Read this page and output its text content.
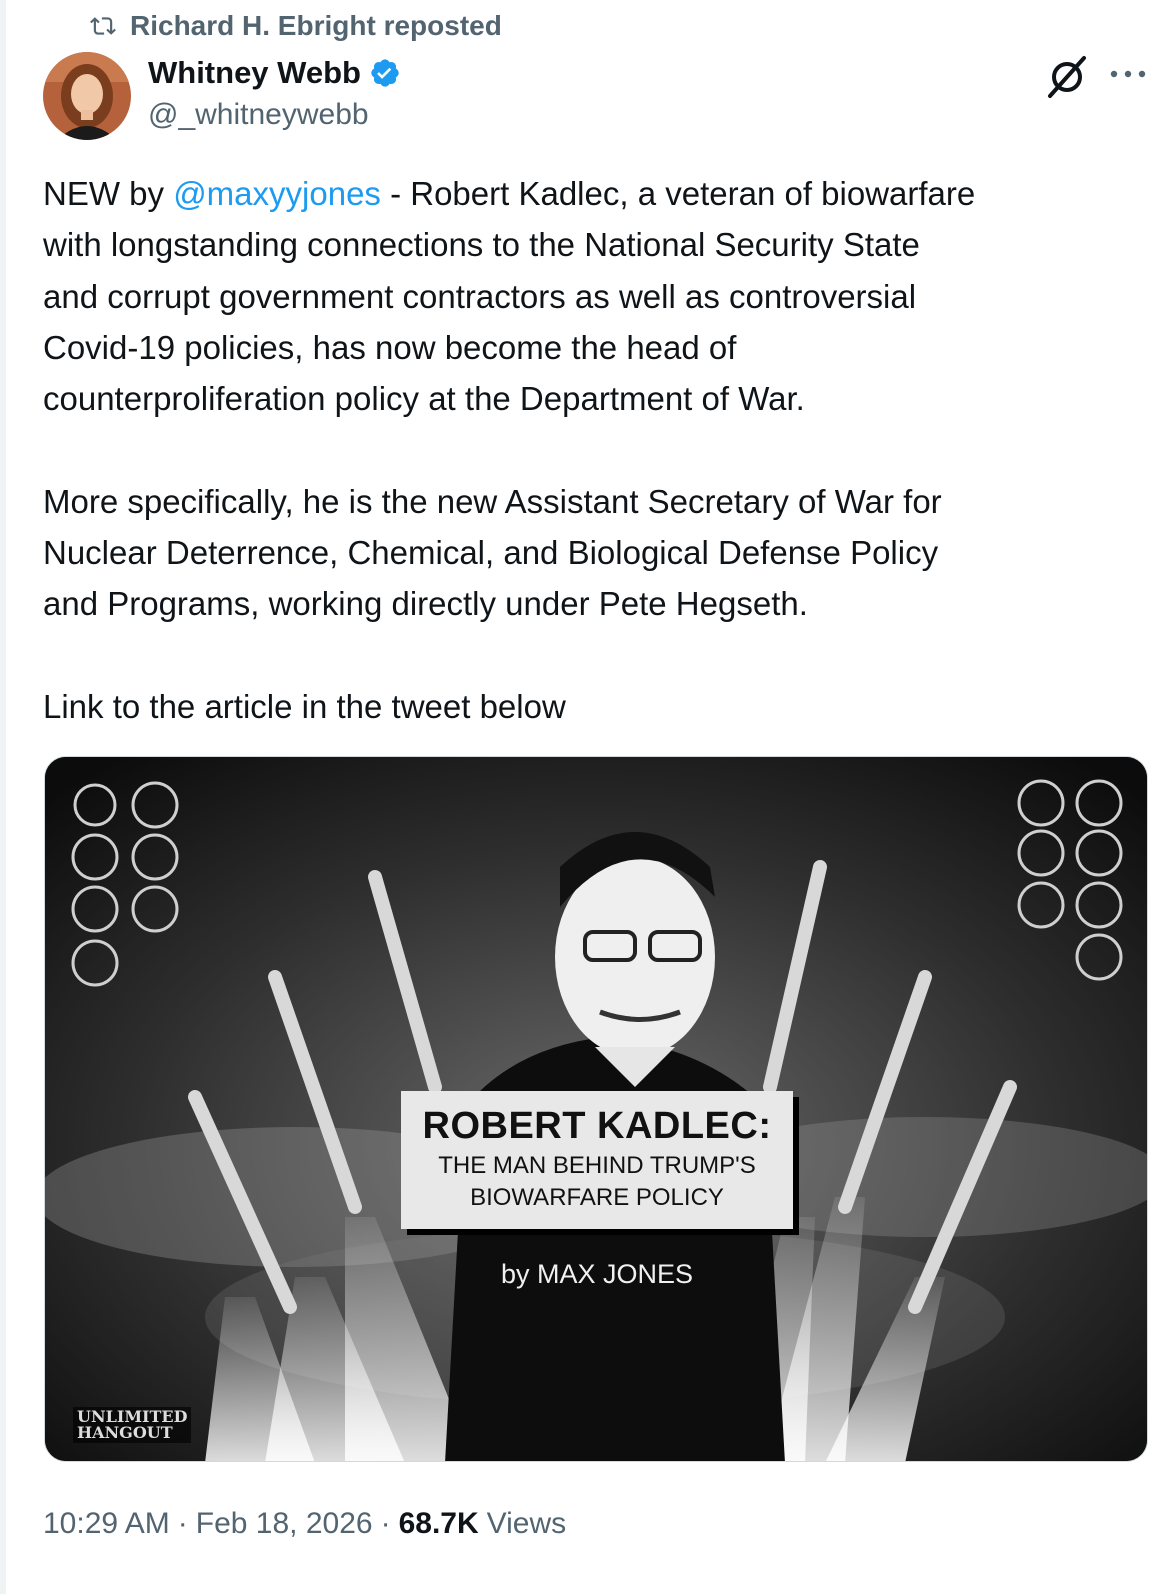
Richard H. Ebright reposted
Whitney Webb
@_whitneywebb

NEW by @maxyyjones - Robert Kadlec, a veteran of biowarfare

with longstanding connections to the National Security State

and corrupt government contractors as well as controversial

Covid-19 policies, has now become the head of

counterproliferation policy at the Department of War.

More specifically, he is the new Assistant Secretary of War for

Nuclear Deterrence, Chemical, and Biological Defense Policy

and Programs, working directly under Pete Hegseth.

Link to the article in the tweet below

ROBERT KADLEC:
THE MAN BEHIND TRUMP'S
BIOWARFARE POLICY
by MAX JONES
UNLIMITED
HANGOUT
10:29 AM · Feb 18, 2026 · 68.7K Views
